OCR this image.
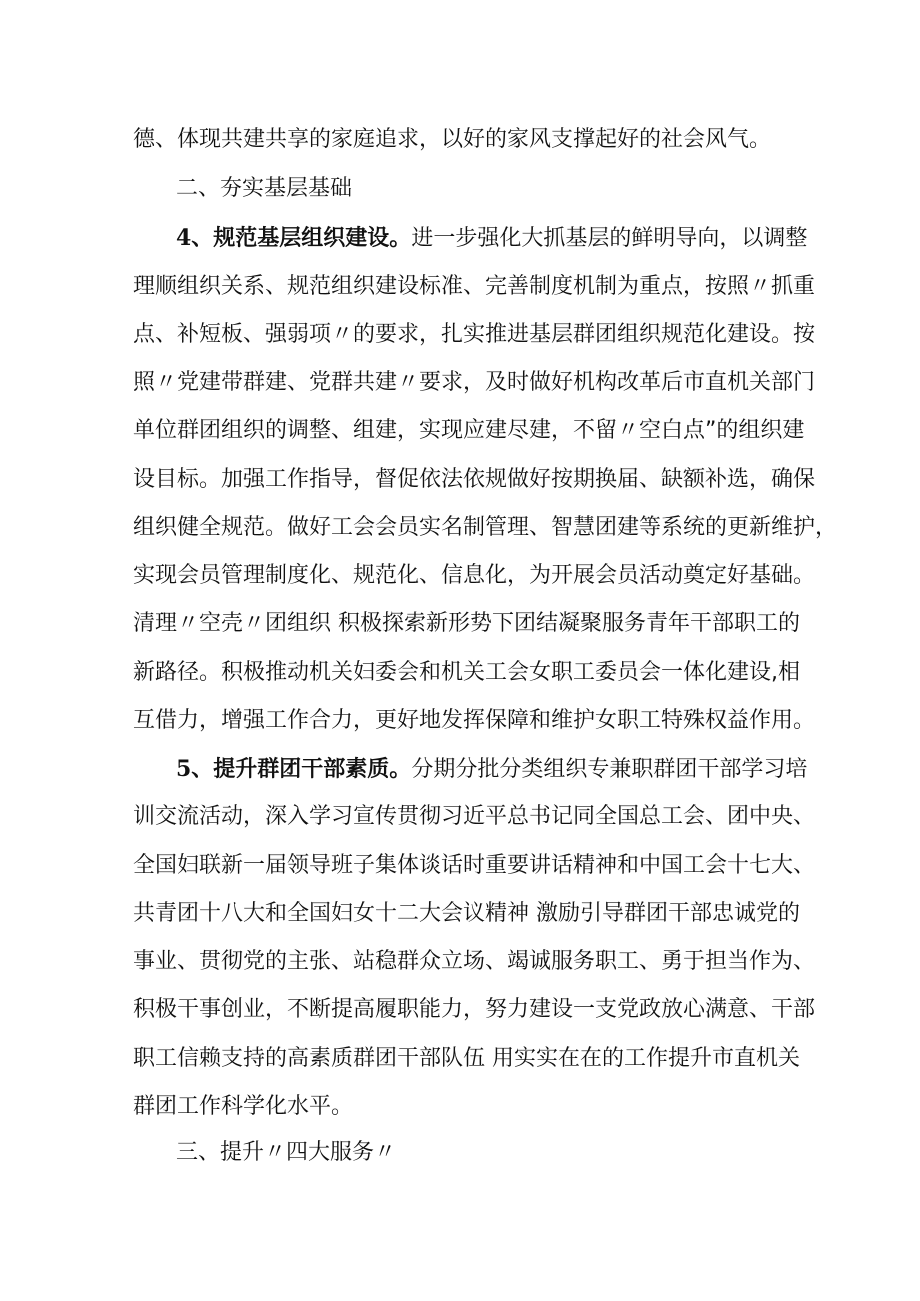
德、体现共建共享的家庭追求，以好的家风支撑起好的社会风气。
二、夯实基层基础
4、规范基层组织建设。进一步强化大抓基层的鲜明导向，以调整
理顺组织关系、规范组织建设标准、完善制度机制为重点，按照〃抓重
点、补短板、强弱项〃的要求，扎实推进基层群团组织规范化建设。按
照〃党建带群建、党群共建〃要求，及时做好机构改革后市直机关部门
单位群团组织的调整、组建，实现应建尽建，不留〃空白点”的组织建
设目标。加强工作指导，督促依法依规做好按期换届、缺额补选，确保
组织健全规范。做好工会会员实名制管理、智慧团建等系统的更新维护，
实现会员管理制度化、规范化、信息化，为开展会员活动奠定好基础。
清理〃空壳〃团组织 积极探索新形势下团结凝聚服务青年干部职工的
新路径。积极推动机关妇委会和机关工会女职工委员会一体化建设,相
互借力，增强工作合力，更好地发挥保障和维护女职工特殊权益作用。
5、提升群团干部素质。分期分批分类组织专兼职群团干部学习培
训交流活动，深入学习宣传贯彻习近平总书记同全国总工会、团中央、
全国妇联新一届领导班子集体谈话时重要讲话精神和中国工会十七大、
共青团十八大和全国妇女十二大会议精神 激励引导群团干部忠诚党的
事业、贯彻党的主张、站稳群众立场、竭诚服务职工、勇于担当作为、
积极干事创业，不断提高履职能力，努力建设一支党政放心满意、干部
职工信赖支持的高素质群团干部队伍 用实实在在的工作提升市直机关
群团工作科学化水平。
三、提升〃四大服务〃
